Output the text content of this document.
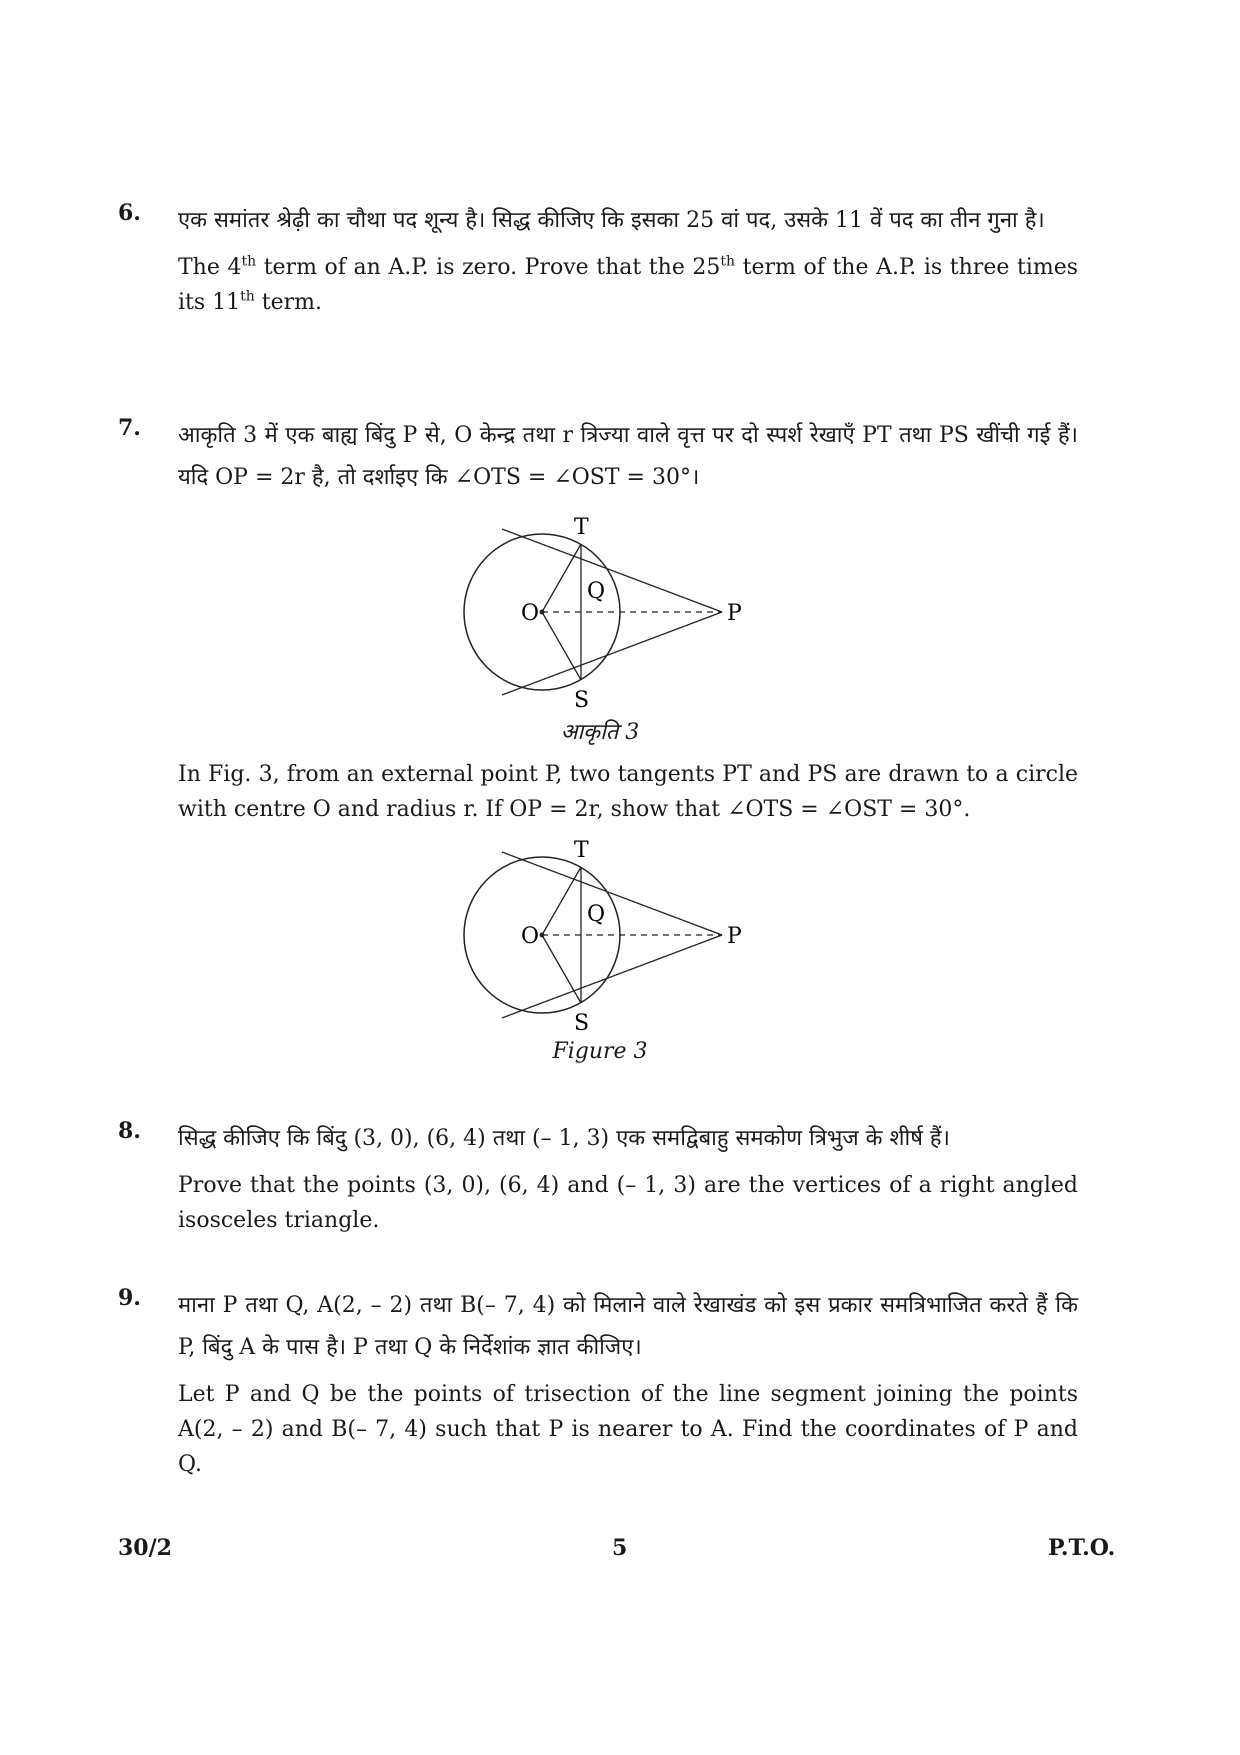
6. एक समांतर श्रेढ़ी का चौथा पद शून्य है। सिद्ध कीजिए कि इसका 25 वां पद, उसके 11 वें पद का तीन गुना है।
The 4th term of an A.P. is zero. Prove that the 25th term of the A.P. is three times its 11th term.
7. आकृति 3 में एक बाह्य बिंदु P से, O केन्द्र तथा r त्रिज्या वाले वृत्त पर दो स्पर्श रेखाएँ PT तथा PS खींची गई हैं। यदि OP = 2r है, तो दर्शाइए कि ∠OTS = ∠OST = 30°।
T
O
Q
P
S
आकृति 3
In Fig. 3, from an external point P, two tangents PT and PS are drawn to a circle with centre O and radius r. If OP = 2r, show that ∠OTS = ∠OST = 30°.
T
O
Q
P
S
Figure 3
8. सिद्ध कीजिए कि बिंदु (3, 0), (6, 4) तथा (– 1, 3) एक समद्विबाहु समकोण त्रिभुज के शीर्ष हैं।
Prove that the points (3, 0), (6, 4) and (– 1, 3) are the vertices of a right angled isosceles triangle.
9. माना P तथा Q, A(2, – 2) तथा B(– 7, 4) को मिलाने वाले रेखाखंड को इस प्रकार समत्रिभाजित करते हैं कि P, बिंदु A के पास है। P तथा Q के निर्देशांक ज्ञात कीजिए।
Let P and Q be the points of trisection of the line segment joining the points A(2, – 2) and B(– 7, 4) such that P is nearer to A. Find the coordinates of P and Q.
30/2	5	P.T.O.
